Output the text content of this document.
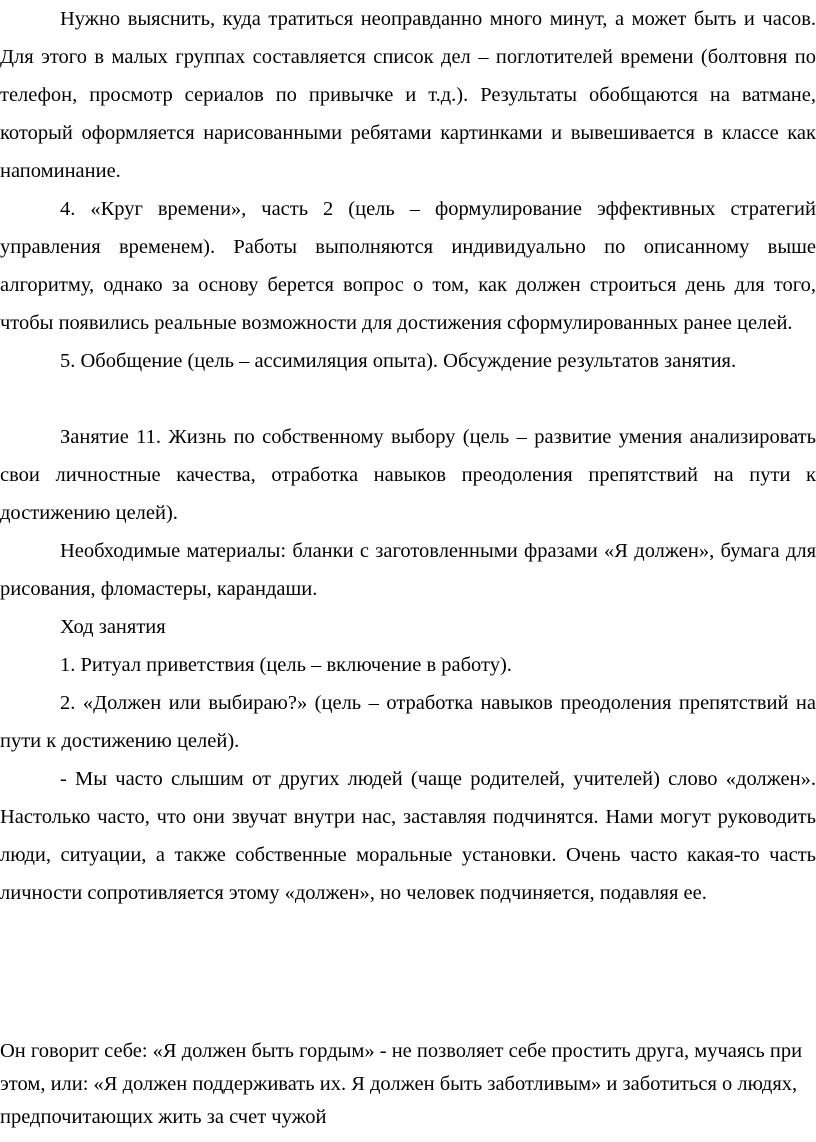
Нужно выяснить, куда тратиться неоправданно много минут, а может быть и часов. Для этого в малых группах составляется список дел – поглотителей времени (болтовня по телефон, просмотр сериалов по привычке и т.д.). Результаты обобщаются на ватмане, который оформляется нарисованными ребятами картинками и вывешивается в классе как напоминание.

4. «Круг времени», часть 2 (цель – формулирование эффективных стратегий управления временем). Работы выполняются индивидуально по описанному выше алгоритму, однако за основу берется вопрос о том, как должен строиться день для того, чтобы появились реальные возможности для достижения сформулированных ранее целей.

5. Обобщение (цель – ассимиляция опыта). Обсуждение результатов занятия.

Занятие 11. Жизнь по собственному выбору (цель – развитие умения анализировать свои личностные качества, отработка навыков преодоления препятствий на пути к достижению целей).

Необходимые материалы: бланки с заготовленными фразами «Я должен», бумага для рисования, фломастеры, карандаши.

Ход занятия

1. Ритуал приветствия (цель – включение в работу).

2. «Должен или выбираю?» (цель – отработка навыков преодоления препятствий на пути к достижению целей).

- Мы часто слышим от других людей (чаще родителей, учителей) слово «должен». Настолько часто, что они звучат внутри нас, заставляя подчинятся. Нами могут руководить люди, ситуации, а также собственные моральные установки. Очень часто какая-то часть личности сопротивляется этому «должен», но человек подчиняется, подавляя ее.

Он говорит себе: «Я должен быть гордым» - не позволяет себе простить друга, мучаясь при этом, или: «Я должен поддерживать их. Я должен быть заботливым» и заботиться о людях, предпочитающих жить за счет чужой
